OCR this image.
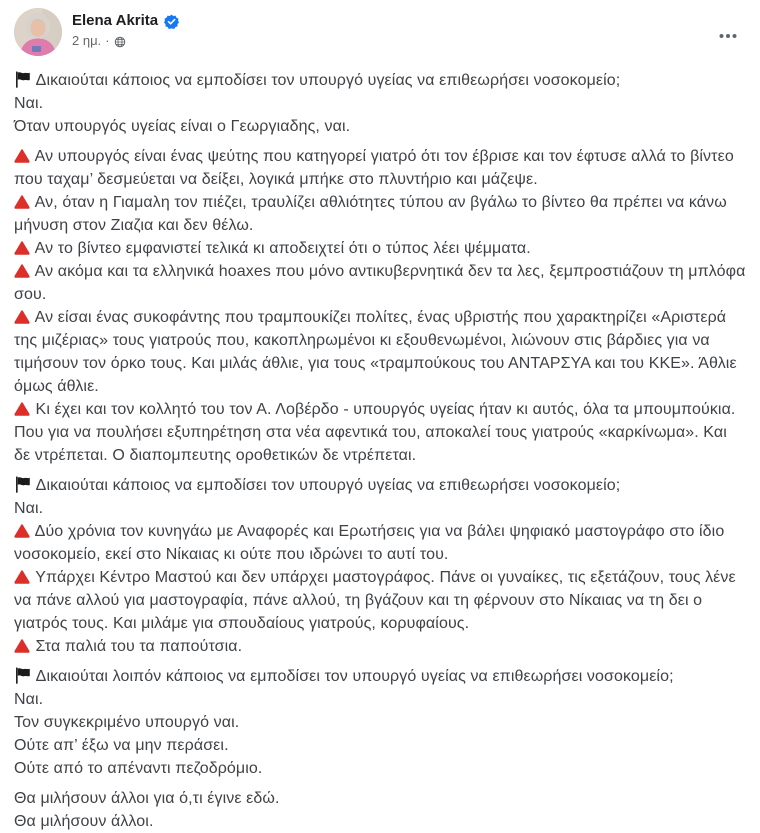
Elena Akrita
2 ημ. ·
Δικαιούται κάποιος να εμποδίσει τον υπουργό υγείας να επιθεωρήσει νοσοκομείο;
Ναι.
Όταν υπουργός υγείας είναι ο Γεωργιαδης, ναι.
Αν υπουργός είναι ένας ψεύτης που κατηγορεί γιατρό ότι τον έβρισε και τον έφτυσε αλλά το βίντεο που ταχαμ’ δεσμεύεται να δείξει, λογικά μπήκε στο πλυντήριο και μάζεψε.
Αν, όταν η Γιαμαλη τον πιέζει, τραυλίζει αθλιότητες τύπου αν βγάλω το βίντεο θα πρέπει να κάνω μήνυση στον Ζιαζια και δεν θέλω.
Αν το βίντεο εμφανιστεί τελικά κι αποδειχτεί ότι ο τύπος λέει ψέμματα.
Αν ακόμα και τα ελληνικά hoaxes που μόνο αντικυβερνητικά δεν τα λες, ξεμπροστιάζουν τη μπλόφα σου.
Αν είσαι ένας συκοφάντης που τραμπουκίζει πολίτες, ένας υβριστής που χαρακτηρίζει «Αριστερά της μιζέριας» τους γιατρούς που, κακοπληρωμένοι κι εξουθενωμένοι, λιώνουν στις βάρδιες για να τιμήσουν τον όρκο τους. Και μιλάς άθλιε, για τους «τραμπούκους του ΑΝΤΑΡΣΥΑ και του ΚΚΕ». Άθλιε όμως άθλιε.
Κι έχει και τον κολλητό του τον Α. Λοβέρδο - υπουργός υγείας ήταν κι αυτός, όλα τα μπουμπούκια. Που για να πουλήσει εξυπηρέτηση στα νέα αφεντικά του, αποκαλεί τους γιατρούς «καρκίνωμα». Και δε ντρέπεται. Ο διαπομπευτης οροθετικών δε ντρέπεται.
Δικαιούται κάποιος να εμποδίσει τον υπουργό υγείας να επιθεωρήσει νοσοκομείο;
Ναι.
Δύο χρόνια τον κυνηγάω με Αναφορές και Ερωτήσεις για να βάλει ψηφιακό μαστογράφο στο ίδιο νοσοκομείο, εκεί στο Νίκαιας κι ούτε που ιδρώνει το αυτί του.
Υπάρχει Κέντρο Μαστού και δεν υπάρχει μαστογράφος. Πάνε οι γυναίκες, τις εξετάζουν, τους λένε να πάνε αλλού για μαστογραφία, πάνε αλλού, τη βγάζουν και τη φέρνουν στο Νίκαιας να τη δει ο γιατρός τους. Και μιλάμε για σπουδαίους γιατρούς, κορυφαίους.
Στα παλιά του τα παπούτσια.
Δικαιούται λοιπόν κάποιος να εμποδίσει τον υπουργό υγείας να επιθεωρήσει νοσοκομείο;
Ναι.
Τον συγκεκριμένο υπουργό ναι.
Ούτε απ’ έξω να μην περάσει.
Ούτε από το απέναντι πεζοδρόμιο.
Θα μιλήσουν άλλοι για ό,τι έγινε εδώ.
Θα μιλήσουν άλλοι.
